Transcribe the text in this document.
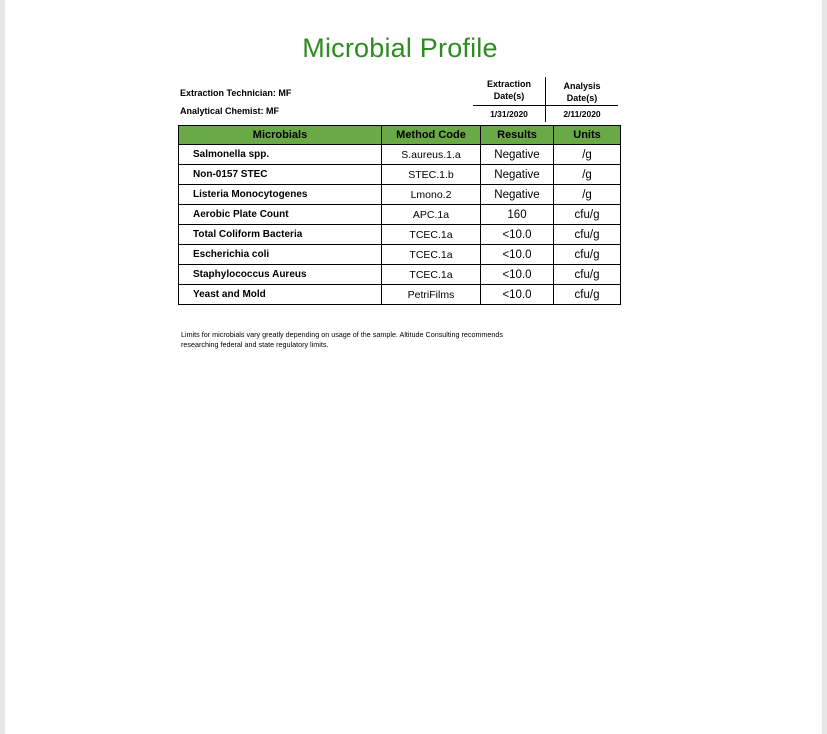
Microbial Profile
Extraction Technician: MF
Analytical Chemist: MF
Extraction
Date(s)
Analysis
Date(s)
1/31/2020	2/11/2020
Microbials	Method Code	Results	Units
Salmonella spp.	S.aureus.1.a	Negative	/g
Non-0157 STEC	STEC.1.b	Negative	/g
Listeria Monocytogenes	Lmono.2	Negative	/g
Aerobic Plate Count	APC.1a	160	cfu/g
Total Coliform Bacteria	TCEC.1a	<10.0	cfu/g
Escherichia coli	TCEC.1a	<10.0	cfu/g
Staphylococcus Aureus	TCEC.1a	<10.0	cfu/g
Yeast and Mold	PetriFilms	<10.0	cfu/g
Limits for microbials vary greatly depending on usage of the sample. Altitude Consulting recommends
researching federal and state regulatory limits.
